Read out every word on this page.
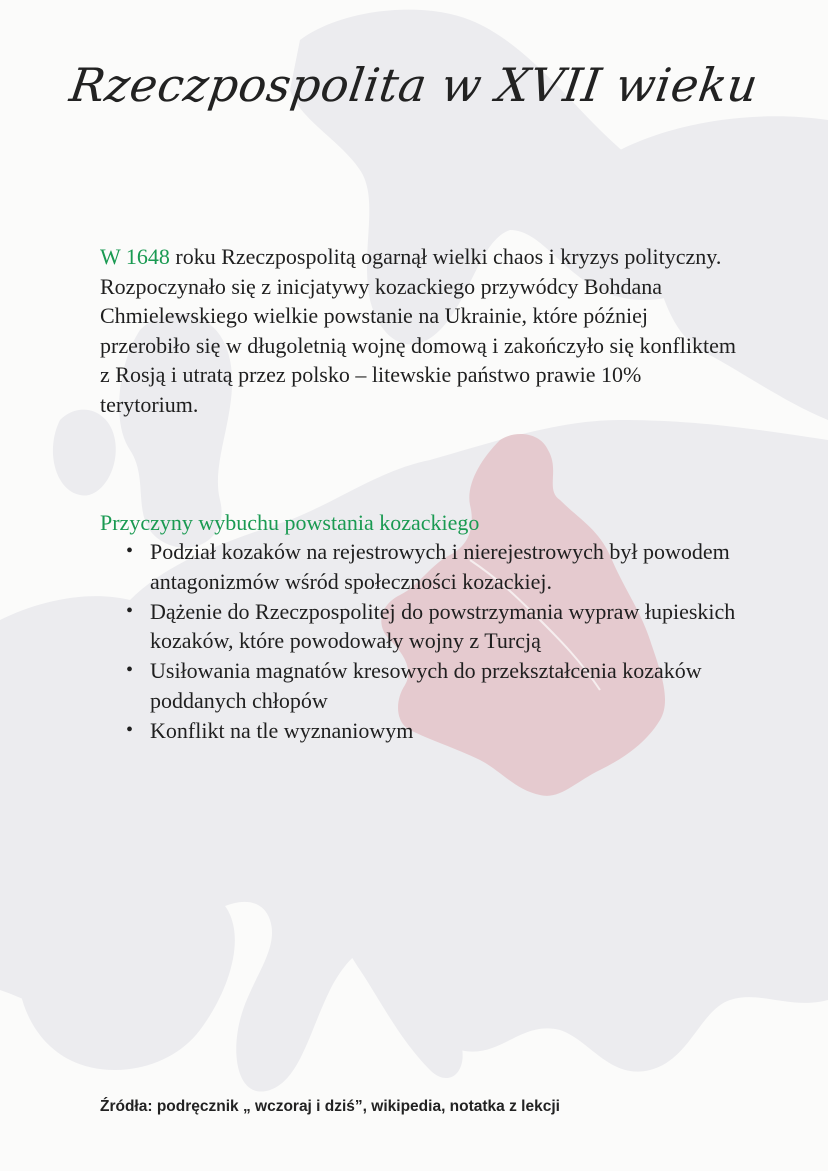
Rzeczpospolita w XVII wieku

W 1648 roku Rzeczpospolitą ogarnął wielki chaos i kryzys polityczny. Rozpoczynało się z inicjatywy kozackiego przywódcy Bohdana Chmielewskiego wielkie powstanie na Ukrainie, które później przerobiło się w długoletnią wojnę domową i zakończyło się konfliktem z Rosją i utratą przez polsko – litewskie państwo prawie 10% terytorium.

Przyczyny wybuchu powstania kozackiego
• Podział kozaków na rejestrowych i nierejestrowych był powodem antagonizmów wśród społeczności kozackiej.
• Dążenie do Rzeczpospolitej do powstrzymania wypraw łupieskich kozaków, które powodowały wojny z Turcją
• Usiłowania magnatów kresowych do przekształcenia kozaków poddanych chłopów
• Konflikt na tle wyznaniowym

Źródła: podręcznik „ wczoraj i dziś”, wikipedia, notatka z lekcji
